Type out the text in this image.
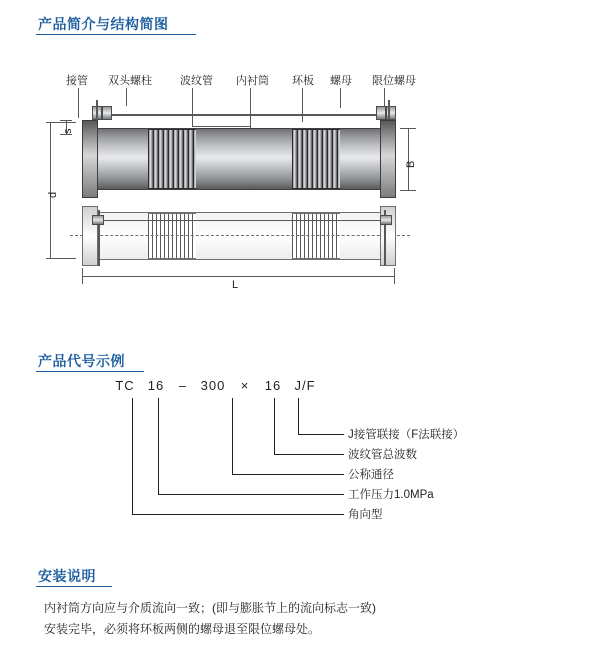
产品简介与结构简图
接管 双头螺柱	波纹管 内衬筒 环板 螺母 限位螺母
s
d
B
L
产品代号示例
TC	16	–	300	×	16	J/F
J接管联接（F法联接）
波纹管总波数
公称通径
工作压力1.0MPa
角向型
安装说明
内衬筒方向应与介质流向一致；(即与膨胀节上的流向标志一致)
安装完毕，必须将环板两侧的螺母退至限位螺母处。
